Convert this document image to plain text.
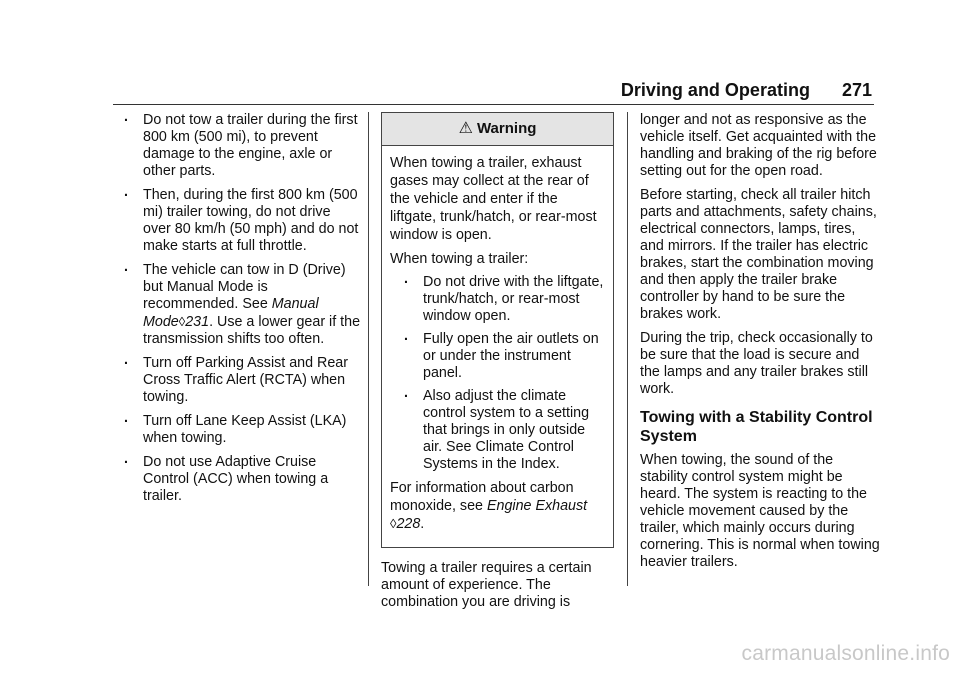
Driving and Operating 271
. Do not tow a trailer during the first 800 km (500 mi), to prevent damage to the engine, axle or other parts.
. Then, during the first 800 km (500 mi) trailer towing, do not drive over 80 km/h (50 mph) and do not make starts at full throttle.
. The vehicle can tow in D (Drive) but Manual Mode is recommended. See Manual Mode◊231. Use a lower gear if the transmission shifts too often.
. Turn off Parking Assist and Rear Cross Traffic Alert (RCTA) when towing.
. Turn off Lane Keep Assist (LKA) when towing.
. Do not use Adaptive Cruise Control (ACC) when towing a trailer.
⚠ Warning

When towing a trailer, exhaust gases may collect at the rear of the vehicle and enter if the liftgate, trunk/hatch, or rear-most window is open.

When towing a trailer:

. Do not drive with the liftgate, trunk/hatch, or rear-most window open.
. Fully open the air outlets on or under the instrument panel.
. Also adjust the climate control system to a setting that brings in only outside air. See Climate Control Systems in the Index.

For information about carbon monoxide, see Engine Exhaust
◊228.

Towing a trailer requires a certain amount of experience. The combination you are driving is

longer and not as responsive as the vehicle itself. Get acquainted with the handling and braking of the rig before setting out for the open road.

Before starting, check all trailer hitch parts and attachments, safety chains, electrical connectors, lamps, tires, and mirrors. If the trailer has electric brakes, start the combination moving and then apply the trailer brake controller by hand to be sure the brakes work.

During the trip, check occasionally to be sure that the load is secure and the lamps and any trailer brakes still work.

Towing with a Stability Control System

When towing, the sound of the stability control system might be heard. The system is reacting to the vehicle movement caused by the trailer, which mainly occurs during cornering. This is normal when towing heavier trailers.

carmanualsonline.info
